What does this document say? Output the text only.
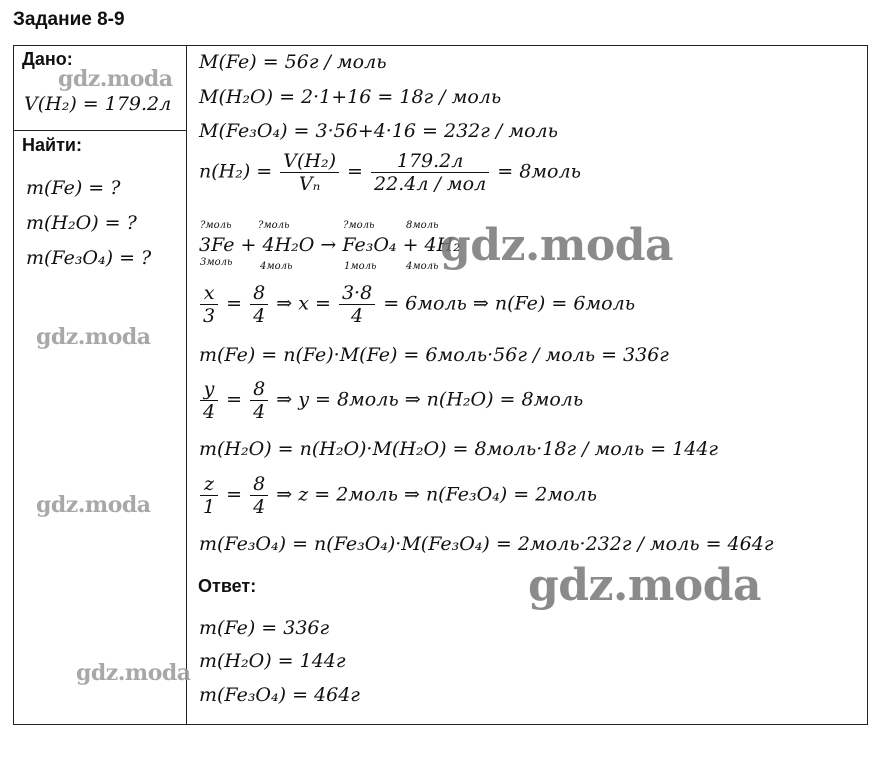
Задание 8-9
Дано:
V(H₂) = 179.2л
Найти:
m(Fe) = ?
m(H₂O) = ?
m(Fe₃O₄) = ?
M(Fe) = 56г / моль
M(H₂O) = 2·1+16 = 18г / моль
M(Fe₃O₄) = 3·56+4·16 = 232г / моль
$n(H_2) = \frac{\text{V(H₂)}}{\text{Vₙ}} = \frac{179.2л}{\text{22.4л / мол}}$ = 8моль
?моль	?моль	?моль	8моль
3Fe + 4H₂O → Fe₃O₄ + 4H₂
3моль	4моль	1моль	4моль
$\frac{x}{3} = \frac{8}{4}$ ⇒ $x = \frac{3\cdot 8}{4}$ = 6моль ⇒ n(Fe) = 6моль
m(Fe) = n(Fe)·M(Fe) = 6моль·56г / моль = 336г
$\frac{y}{4} = \frac{8}{4}$ ⇒ y = 8моль ⇒ n(H₂O) = 8моль
m(H₂O) = n(H₂O)·M(H₂O) = 8моль·18г / моль = 144г
$\frac{z}{1} = \frac{8}{4}$ ⇒ z = 2моль ⇒ n(Fe₃O₄) = 2моль
m(Fe₃O₄) = n(Fe₃O₄)·M(Fe₃O₄) = 2моль·232г / моль = 464г
Ответ:
m(Fe) = 336г
m(H₂O) = 144г
m(Fe₃O₄) = 464г
gdz.moda
gdz.moda
gdz.moda
gdz.moda
gdz.moda
gdz.moda
